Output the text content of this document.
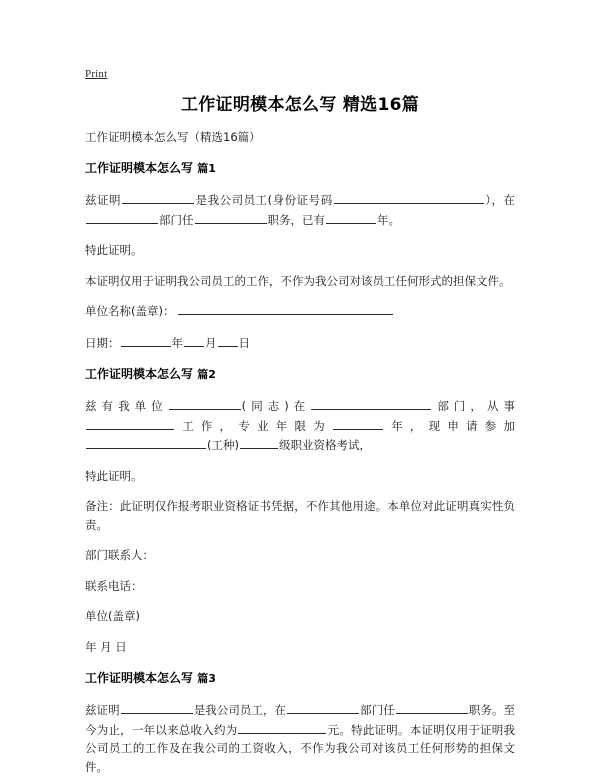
Print
工作证明模本怎么写 精选16篇

工作证明模本怎么写（精选16篇）

工作证明模本怎么写 篇1

兹证明	是我公司员工(身份证号码	），在部门任	职务，已有	年。

特此证明。

本证明仅用于证明我公司员工的工作，不作为我公司对该员工任何形式的担保文件。

单位名称(盖章)：

日期：	年 月 日

工作证明模本怎么写 篇2

兹有我单位	(同志)在	部门，从事工作，专业年限为	年，现申请参加(工种)	级职业资格考试，

特此证明。

备注：此证明仅作报考职业资格证书凭据，不作其他用途。本单位对此证明真实性负责。

部门联系人：

联系电话：

单位(盖章)

年 月 日

工作证明模本怎么写 篇3

兹证明	是我公司员工，在	部门任	职务。至今为止，一年以来总收入约为	元。特此证明。本证明仅用于证明我公司员工的工作及在我公司的工资收入，不作为我公司对该员工任何形势的担保文件。
